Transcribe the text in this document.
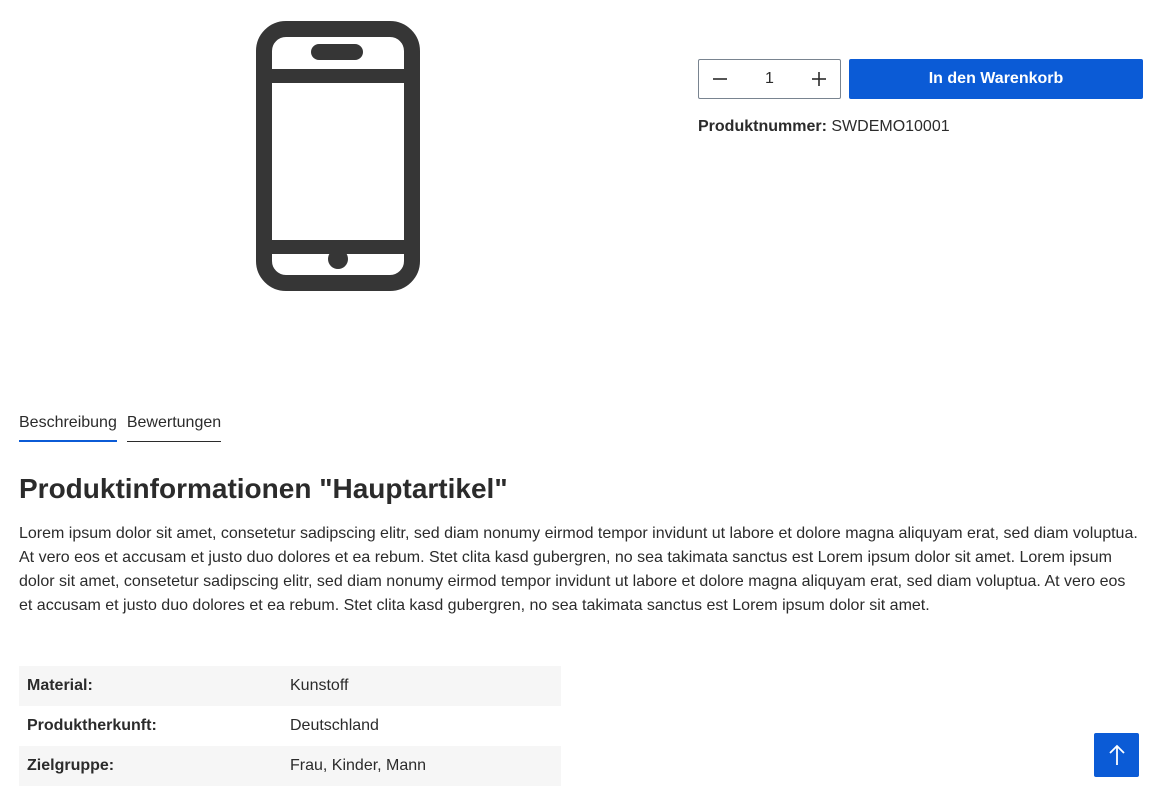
1	In den Warenkorb
Produktnummer: SWDEMO10001
Beschreibung Bewertungen
Produktinformationen "Hauptartikel"

Lorem ipsum dolor sit amet, consetetur sadipscing elitr, sed diam nonumy eirmod tempor invidunt ut labore et dolore magna aliquyam erat, sed diam voluptua. At vero eos et accusam et justo duo dolores et ea rebum. Stet clita kasd gubergren, no sea takimata sanctus est Lorem ipsum dolor sit amet. Lorem ipsum dolor sit amet, consetetur sadipscing elitr, sed diam nonumy eirmod tempor invidunt ut labore et dolore magna aliquyam erat, sed diam voluptua. At vero eos et accusam et justo duo dolores et ea rebum. Stet clita kasd gubergren, no sea takimata sanctus est Lorem ipsum dolor sit amet.

Material:	Kunstoff
Produktherkunft:	Deutschland
Zielgruppe:	Frau, Kinder, Mann
